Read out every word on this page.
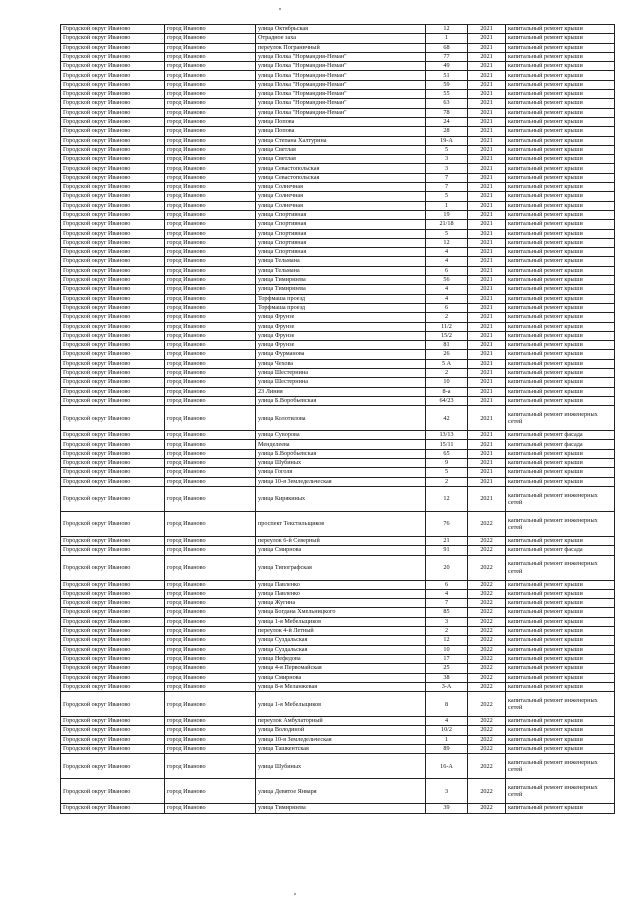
Городской округ Иваново	город Иваново	улица Октябрьская	12	2021	капитальный ремонт крыши
Городской округ Иваново	город Иваново	Отрадное заха	1	2021	капитальный ремонт крыши
Городской округ Иваново	город Иваново	переулок Пограничный	68	2021	капитальный ремонт крыши
Городской округ Иваново	город Иваново	улица Полка "Нормандия-Неман"	77	2021	капитальный ремонт крыши
Городской округ Иваново	город Иваново	улица Полка "Нормандия-Неман"	49	2021	капитальный ремонт крыши
Городской округ Иваново	город Иваново	улица Полка "Нормандия-Неман"	51	2021	капитальный ремонт крыши
Городской округ Иваново	город Иваново	улица Полка "Нормандия-Неман"	59	2021	капитальный ремонт крыши
Городской округ Иваново	город Иваново	улица Полка "Нормандия-Неман"	55	2021	капитальный ремонт крыши
Городской округ Иваново	город Иваново	улица Полка "Нормандия-Неман"	63	2021	капитальный ремонт крыши
Городской округ Иваново	город Иваново	улица Полка "Нормандия-Неман"	78	2021	капитальный ремонт крыши
Городской округ Иваново	город Иваново	улица Попова	24	2021	капитальный ремонт крыши
Городской округ Иваново	город Иваново	улица Попова	28	2021	капитальный ремонт крыши
Городской округ Иваново	город Иваново	улица Степана Халтурина	19-А	2021	капитальный ремонт крыши
Городской округ Иваново	город Иваново	улица Светлая	5	2021	капитальный ремонт крыши
Городской округ Иваново	город Иваново	улица Светлая	3	2021	капитальный ремонт крыши
Городской округ Иваново	город Иваново	улица Севастопольская	3	2021	капитальный ремонт крыши
Городской округ Иваново	город Иваново	улица Севастопольская	7	2021	капитальный ремонт крыши
Городской округ Иваново	город Иваново	улица Солнечная	7	2021	капитальный ремонт крыши
Городской округ Иваново	город Иваново	улица Солнечная	5	2021	капитальный ремонт крыши
Городской округ Иваново	город Иваново	улица Солнечная	1	2021	капитальный ремонт крыши
Городской округ Иваново	город Иваново	улица Спортивная	19	2021	капитальный ремонт крыши
Городской округ Иваново	город Иваново	улица Спортивная	21/18	2021	капитальный ремонт крыши
Городской округ Иваново	город Иваново	улица Спортивная	5	2021	капитальный ремонт крыши
Городской округ Иваново	город Иваново	улица Спортивная	12	2021	капитальный ремонт крыши
Городской округ Иваново	город Иваново	улица Спортивная	4	2021	капитальный ремонт крыши
Городской округ Иваново	город Иваново	улица Тельмана	4	2021	капитальный ремонт крыши
Городской округ Иваново	город Иваново	улица Тельмана	6	2021	капитальный ремонт крыши
Городской округ Иваново	город Иваново	улица Тимирязева	56	2021	капитальный ремонт крыши
Городской округ Иваново	город Иваново	улица Тимирязева	4	2021	капитальный ремонт крыши
Городской округ Иваново	город Иваново	Торфмаша проезд	4	2021	капитальный ремонт крыши
Городской округ Иваново	город Иваново	Торфмаша проезд	6	2021	капитальный ремонт крыши
Городской округ Иваново	город Иваново	улица Фрунзе	2	2021	капитальный ремонт крыши
Городской округ Иваново	город Иваново	улица Фрунзе	11/2	2021	капитальный ремонт крыши
Городской округ Иваново	город Иваново	улица Фрунзе	15/2	2021	капитальный ремонт крыши
Городской округ Иваново	город Иваново	улица Фрунзе	81	2021	капитальный ремонт крыши
Городской округ Иваново	город Иваново	улица Фурманова	26	2021	капитальный ремонт крыши
Городской округ Иваново	город Иваново	улица Чехова	5 А	2021	капитальный ремонт крыши
Городской округ Иваново	город Иваново	улица Шестернина	2	2021	капитальный ремонт крыши
Городской округ Иваново	город Иваново	улица Шестернина	10	2021	капитальный ремонт крыши
Городской округ Иваново	город Иваново	23 Линия	8-а	2021	капитальный ремонт крыши
Городской округ Иваново	город Иваново	улица Б.Воробьевская	64/23	2021	капитальный ремонт крыши
Городской округ Иваново	город Иваново	улица Колотилова	42	2021	капитальный ремонт инженерных сетей
Городской округ Иваново	город Иваново	улица Суворова	13/13	2021	капитальный ремонт фасада
Городской округ Иваново	город Иваново	Менделеева	15/11	2021	капитальный ремонт фасада
Городской округ Иваново	город Иваново	улица Б.Воробьевская	65	2021	капитальный ремонт крыши
Городской округ Иваново	город Иваново	улица Шубиных	9	2021	капитальный ремонт крыши
Городской округ Иваново	город Иваново	улица Гоголя	5	2021	капитальный ремонт крыши
Городской округ Иваново	город Иваново	улица 10-я Земледельческая	2	2021	капитальный ремонт крыши
Городской округ Иваново	город Иваново	улица Кирякиных	12	2021	капитальный ремонт инженерных сетей
Городской округ Иваново	город Иваново	проспект Текстильщиков	76	2022	капитальный ремонт инженерных сетей
Городской округ Иваново	город Иваново	переулок 6-й Северный	21	2022	капитальный ремонт крыши
Городской округ Иваново	город Иваново	улица Смирнова	91	2022	капитальный ремонт фасада
Городской округ Иваново	город Иваново	улица Типографская	20	2022	капитальный ремонт инженерных сетей
Городской округ Иваново	город Иваново	улица Павленко	6	2022	капитальный ремонт крыши
Городской округ Иваново	город Иваново	улица Павленко	4	2022	капитальный ремонт крыши
Городской округ Иваново	город Иваново	улица Жугина	7	2022	капитальный ремонт крыши
Городской округ Иваново	город Иваново	улица Богдана Хмельницкого	85	2022	капитальный ремонт крыши
Городской округ Иваново	город Иваново	улица 1-я Мебельщиков	3	2022	капитальный ремонт крыши
Городской округ Иваново	город Иваново	переулок 4-й Летный	2	2022	капитальный ремонт крыши
Городской округ Иваново	город Иваново	улица Суздальская	12	2022	капитальный ремонт крыши
Городской округ Иваново	город Иваново	улица Суздальская	10	2022	капитальный ремонт крыши
Городской округ Иваново	город Иваново	улица Нефедова	17	2022	капитальный ремонт крыши
Городской округ Иваново	город Иваново	улица 4-я Первомайская	25	2022	капитальный ремонт крыши
Городской округ Иваново	город Иваново	улица Смирнова	38	2022	капитальный ремонт крыши
Городской округ Иваново	город Иваново	улица 8-я Меланжевая	3-А	2022	капитальный ремонт крыши
Городской округ Иваново	город Иваново	улица 1-я Мебельщиков	8	2022	капитальный ремонт инженерных сетей
Городской округ Иваново	город Иваново	переулок Амбулаторный	4	2022	капитальный ремонт крыши
Городской округ Иваново	город Иваново	улица Володиной	10/2	2022	капитальный ремонт крыши
Городской округ Иваново	город Иваново	улица 10-я Земледельческая	1	2022	капитальный ремонт крыши
Городской округ Иваново	город Иваново	улица Ташкентская	89	2022	капитальный ремонт крыши
Городской округ Иваново	город Иваново	улица Шубиных	16-А	2022	капитальный ремонт инженерных сетей
Городской округ Иваново	город Иваново	улица Девятое Января	3	2022	капитальный ремонт инженерных сетей
Городской округ Иваново	город Иваново	улица Тимирязева	39	2022	капитальный ремонт крыши
